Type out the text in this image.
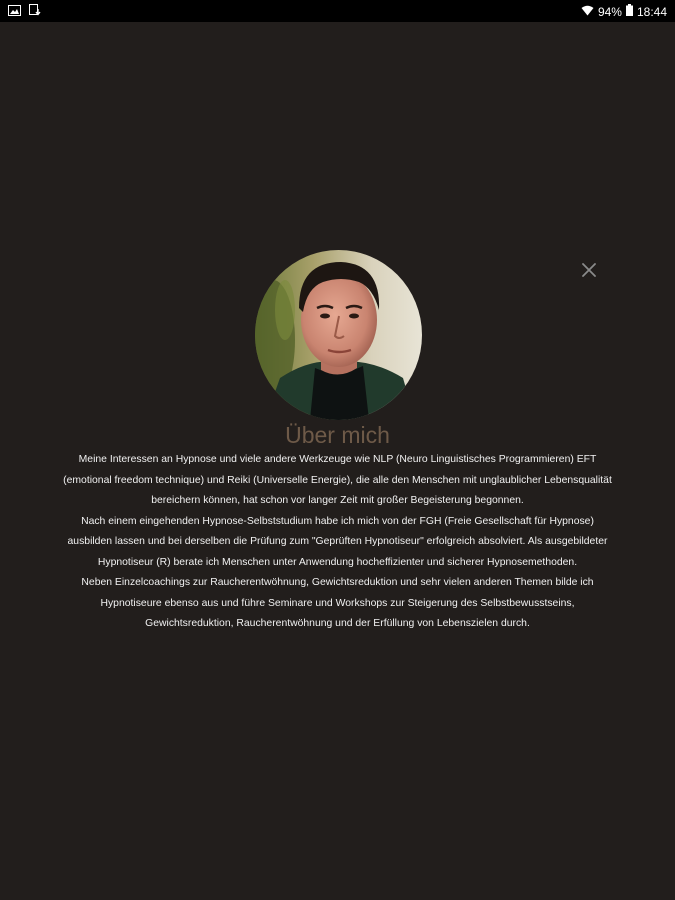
94% 18:44
Über mich

Meine Interessen an Hypnose und viele andere Werkzeuge wie NLP (Neuro Linguistisches Programmieren) EFT (emotional freedom technique) und Reiki (Universelle Energie), die alle den Menschen mit unglaublicher Lebensqualität bereichern können, hat schon vor langer Zeit mit großer Begeisterung begonnen.

Nach einem eingehenden Hypnose-Selbststudium habe ich mich von der FGH (Freie Gesellschaft für Hypnose) ausbilden lassen und bei derselben die Prüfung zum "Geprüften Hypnotiseur" erfolgreich absolviert. Als ausgebildeter Hypnotiseur (R) berate ich Menschen unter Anwendung hocheffizienter und sicherer Hypnosemethoden.

Neben Einzelcoachings zur Raucherentwöhnung, Gewichtsreduktion und sehr vielen anderen Themen bilde ich Hypnotiseure ebenso aus und führe Seminare und Workshops zur Steigerung des Selbstbewusstseins, Gewichtsreduktion, Raucherentwöhnung und der Erfüllung von Lebenszielen durch.
